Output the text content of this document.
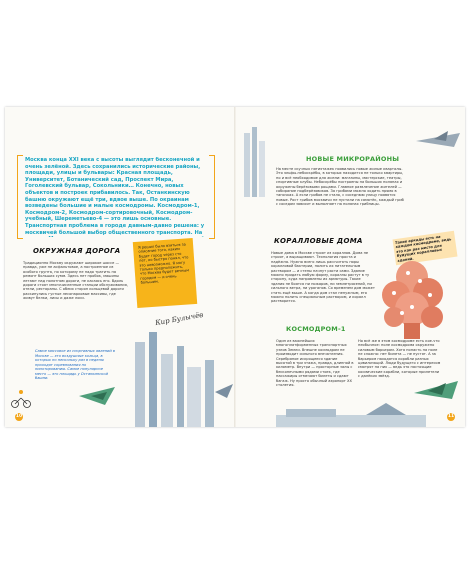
Москва конца XXI века с высоты выглядит бесконечной и очень зелёной. Здесь сохранились исторические районы, площади, улицы и бульвары: Красная площадь, Университет, Ботанический сад, Проспект Мира, Гоголевский бульвар, Сокольники… Конечно, новых объектов и построек прибавилось. Так, Останкинскую башню окружают ещё три, вдвое выше. По окраинам возведены большие и малые космодромы. Космодром-1, Космодром-2, Космодром-сортировочный, Космодром-учебный, Шереметьево-4 — это лишь основные. Транспортная проблема в городе давным-давно решена: у москвичей большой выбор общественного транспорта. На
ОКРУЖНАЯ ДОРОГА
Традиционно Москву окружают широкое шоссе — правда, уже не асфальтовое, а построенное из особого грунта, по которому не надо тратить на ремонт больших сумм. Здесь нет пробок, машины летают над полотном дороги, не касаясь его. Вдоль дороги стоят многочисленные станции обслуживания, отели, рестораны. С обеих сторон кольцевой дороги раскинулись густые лесопарковые массивы, где живут белки, лисы и даже лоси.
Я решил было взяться за описание того, каким будет город через сто лет, но быстро понял, что это невозможно. Я могу только предположить, что Москва будет вечным городом — и очень большим.
Кир Булычёв
Самое массовое из спортивных явлений в Москве — это воздушные кольца, в которых по нескольку раз в неделю проходят соревнования по пилотированию. Самое популярное место — это площадь у Останкинской башни.
10
НОВЫЕ МИКРОРАЙОНЫ
На месте скучных пятиэтажек появились новые жилые кварталы. Это эльфы-небоскрёбы, в которых находится не только квартиры, но и всё необходимое для жизни: магазины, мастерские, театры, спортивные клубы. Небоскрёбы построены на больших полянах и окружены берёзовыми рощами. Главное развлечение жителей — собирание подберёзовиков. За грибами можно ходить прямо в тапочках. А если грибов не стало, с соседнюю улицу появятся новые. Рост грибов москвичи не пустили на самотёк, каждый гриб с соседом зависит и выполняет на полянах грибницы.
КОРАЛЛОВЫЕ ДОМА
Новые дома в Москве строят из кораллов. Дома не строят, а выращивают. Технология проста и надёжна. Нужно всего лишь рассчитать поры коралловой бактерии, полить их питательным раствором — и стены начнут расти сами. Здание можно придать любую форму, кораллы растут в ту сторону, куда направлены их арматуры. Такие здания не боятся ни пожаров, ни землетрясений, ни сильного ветра, ни ураганов. Со временем дом может стать ещё выше. А когда дом стал ненужным, его можно полить специальным раствором, и коралл растворится.
Такие аркады есть на каждом космодроме, ведь это как раз место для будущих коралловых зданий.
КОСМОДРОМ-1
Один из важнейших многоплатформенных транспортных узлов Земли. Внешне космодром не производит сильного впечатления. Серебряное искрящееся здание высотой в три этажа, правда, длинной в километр. Внутри — просторные залы с бесконечными рядами стоек, где пассажиры отмечают билеты и сдают багаж. Ну просто обычный аэропорт XX столетия.
Но всё же в этом космодроме есть кое-что необычное: поле космодрома окружено силовым барьером. Хотя попасть на поле не сложно: нет билета — не пустят. А за барьером находятся корабли разных цивилизаций. Люди будущего с интересом смотрят на них — ведь это настоящие космические корабли, которые прилетели с далёких звёзд.
11
